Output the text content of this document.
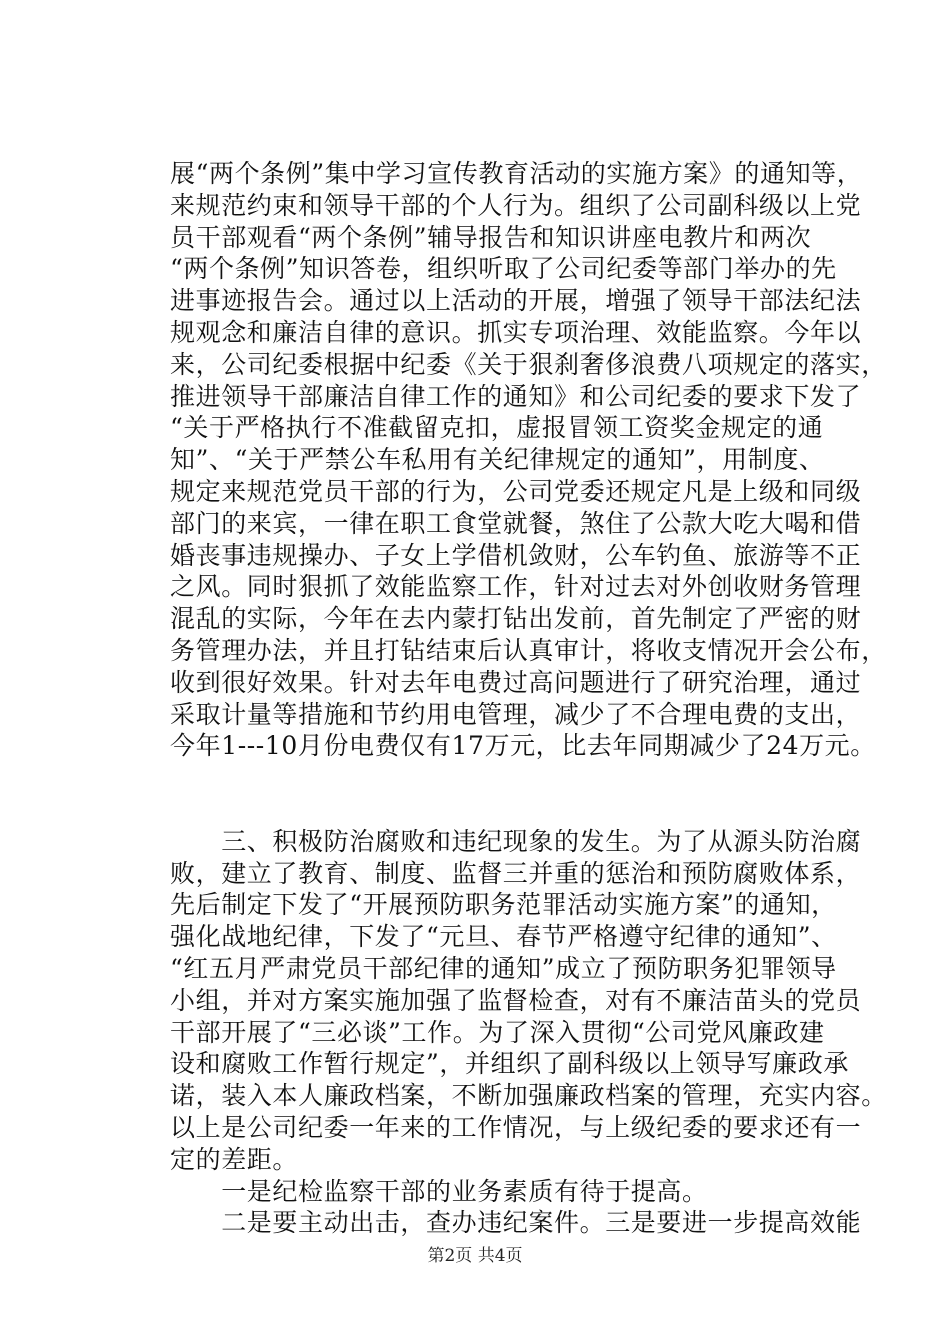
展“两个条例”集中学习宣传教育活动的实施方案》的通知等，
来规范约束和领导干部的个人行为。组织了公司副科级以上党
员干部观看“两个条例”辅导报告和知识讲座电教片和两次
“两个条例”知识答卷，组织听取了公司纪委等部门举办的先
进事迹报告会。通过以上活动的开展，增强了领导干部法纪法
规观念和廉洁自律的意识。抓实专项治理、效能监察。今年以
来，公司纪委根据中纪委《关于狠刹奢侈浪费八项规定的落实，
推进领导干部廉洁自律工作的通知》和公司纪委的要求下发了
“关于严格执行不准截留克扣，虚报冒领工资奖金规定的通
知”、“关于严禁公车私用有关纪律规定的通知”，用制度、
规定来规范党员干部的行为，公司党委还规定凡是上级和同级
部门的来宾，一律在职工食堂就餐，煞住了公款大吃大喝和借
婚丧事违规操办、子女上学借机敛财，公车钓鱼、旅游等不正
之风。同时狠抓了效能监察工作，针对过去对外创收财务管理
混乱的实际，今年在去内蒙打钻出发前，首先制定了严密的财
务管理办法，并且打钻结束后认真审计，将收支情况开会公布，
收到很好效果。针对去年电费过高问题进行了研究治理，通过
采取计量等措施和节约用电管理，减少了不合理电费的支出，
今年1---10月份电费仅有17万元，比去年同期减少了24万元。
　　三、积极防治腐败和违纪现象的发生。为了从源头防治腐
败，建立了教育、制度、监督三并重的惩治和预防腐败体系，
先后制定下发了“开展预防职务范罪活动实施方案”的通知，
强化战地纪律，下发了“元旦、春节严格遵守纪律的通知”、
“红五月严肃党员干部纪律的通知”成立了预防职务犯罪领导
小组，并对方案实施加强了监督检查，对有不廉洁苗头的党员
干部开展了“三必谈”工作。为了深入贯彻“公司党风廉政建
设和腐败工作暂行规定”，并组织了副科级以上领导写廉政承
诺，装入本人廉政档案，不断加强廉政档案的管理，充实内容。
以上是公司纪委一年来的工作情况，与上级纪委的要求还有一
定的差距。
　　一是纪检监察干部的业务素质有待于提高。
　　二是要主动出击，查办违纪案件。三是要进一步提高效能
第2页 共4页
